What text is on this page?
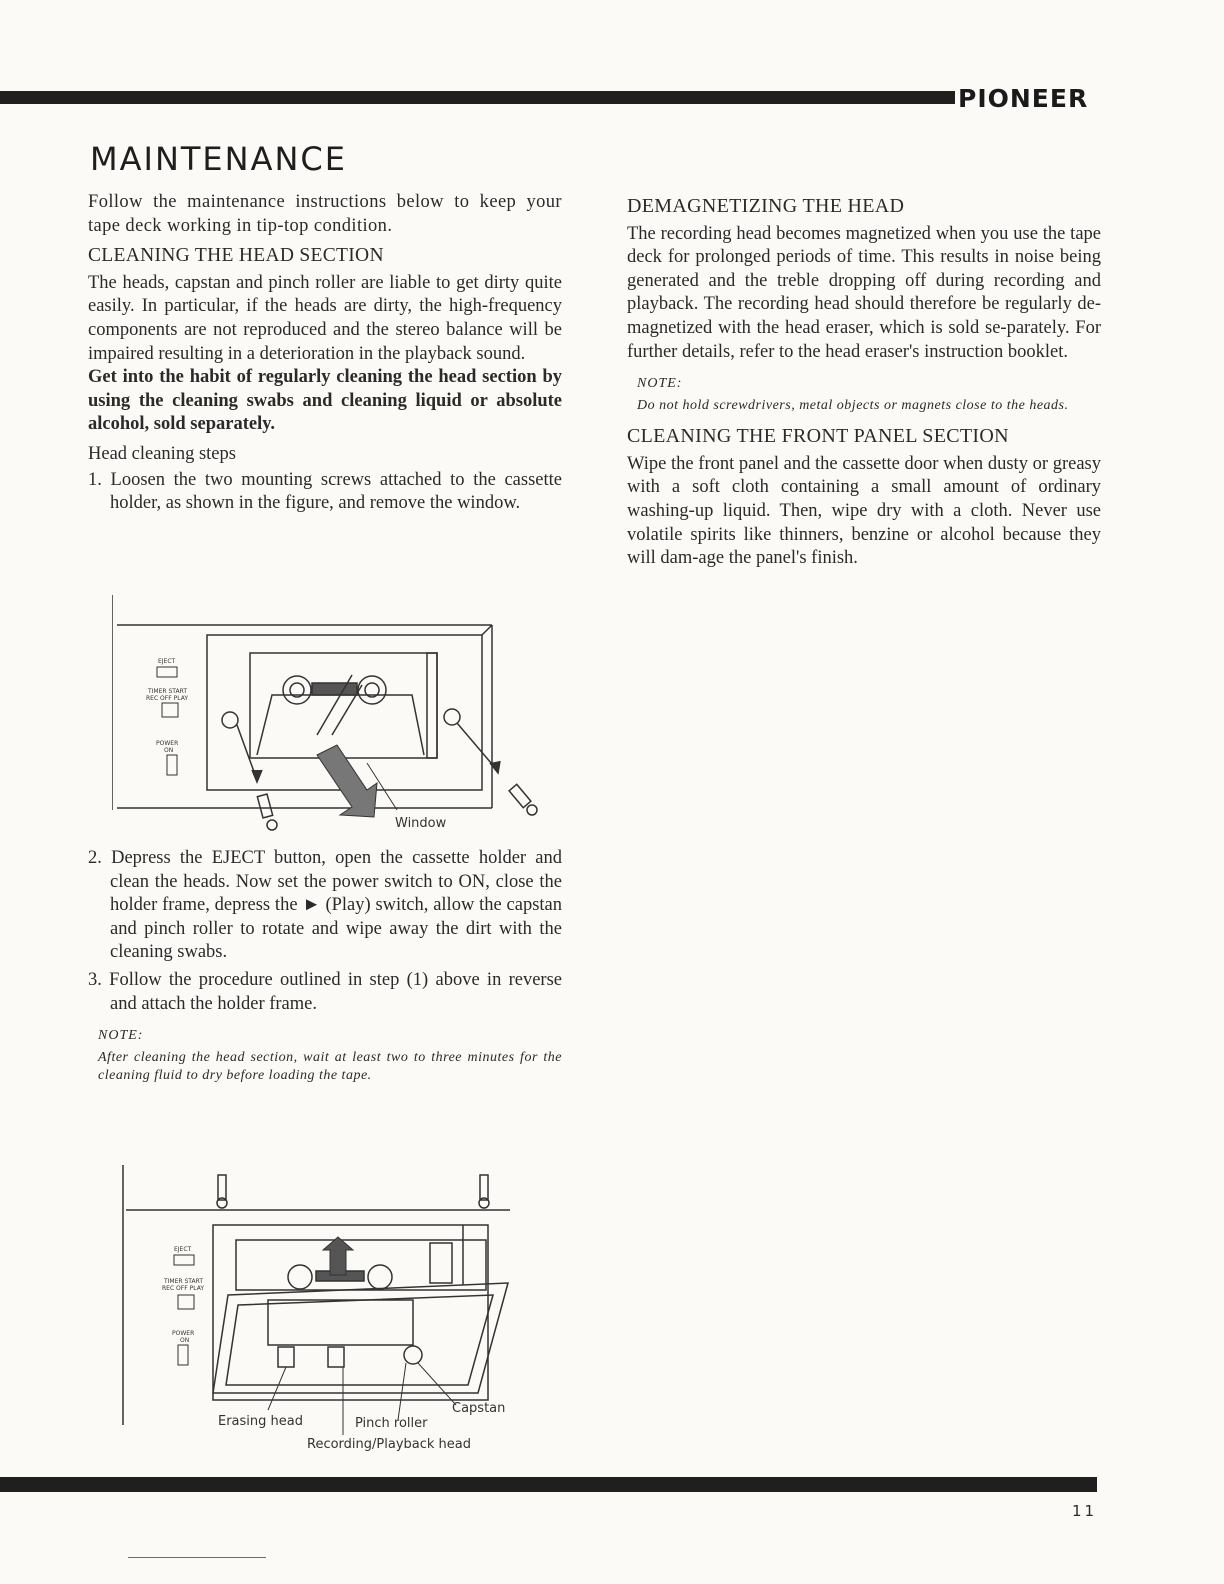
PIONEER
MAINTENANCE

Follow the maintenance instructions below to keep your tape deck working in tip-top condition.

CLEANING THE HEAD SECTION

The heads, capstan and pinch roller are liable to get dirty quite easily. In particular, if the heads are dirty, the high-frequency components are not reproduced and the stereo balance will be impaired resulting in a deterioration in the playback sound.

Get into the habit of regularly cleaning the head section by using the cleaning swabs and cleaning liquid or absolute alcohol, sold separately.

Head cleaning steps

1. Loosen the two mounting screws attached to the cassette holder, as shown in the figure, and remove the window.

EJECT
TIMER START
REC OFF PLAY
POWER
ON
Window

2. Depress the EJECT button, open the cassette holder and clean the heads. Now set the power switch to ON, close the holder frame, depress the ► (Play) switch, allow the capstan and pinch roller to rotate and wipe away the dirt with the cleaning swabs.

3. Follow the procedure outlined in step (1) above in reverse and attach the holder frame.

NOTE:

After cleaning the head section, wait at least two to three minutes for the cleaning fluid to dry before loading the tape.

EJECT
TIMER START
REC OFF PLAY
POWER
ON
Erasing head	Pinch roller
Capstan
Recording/Playback head

DEMAGNETIZING THE HEAD

The recording head becomes magnetized when you use the tape deck for prolonged periods of time. This results in noise being generated and the treble dropping off during recording and playback. The recording head should therefore be regularly de-magnetized with the head eraser, which is sold se-parately. For further details, refer to the head eraser's instruction booklet.

NOTE:

Do not hold screwdrivers, metal objects or magnets close to the heads.

CLEANING THE FRONT PANEL SECTION

Wipe the front panel and the cassette door when dusty or greasy with a soft cloth containing a small amount of ordinary washing-up liquid. Then, wipe dry with a cloth. Never use volatile spirits like thinners, benzine or alcohol because they will dam-age the panel's finish.

11
